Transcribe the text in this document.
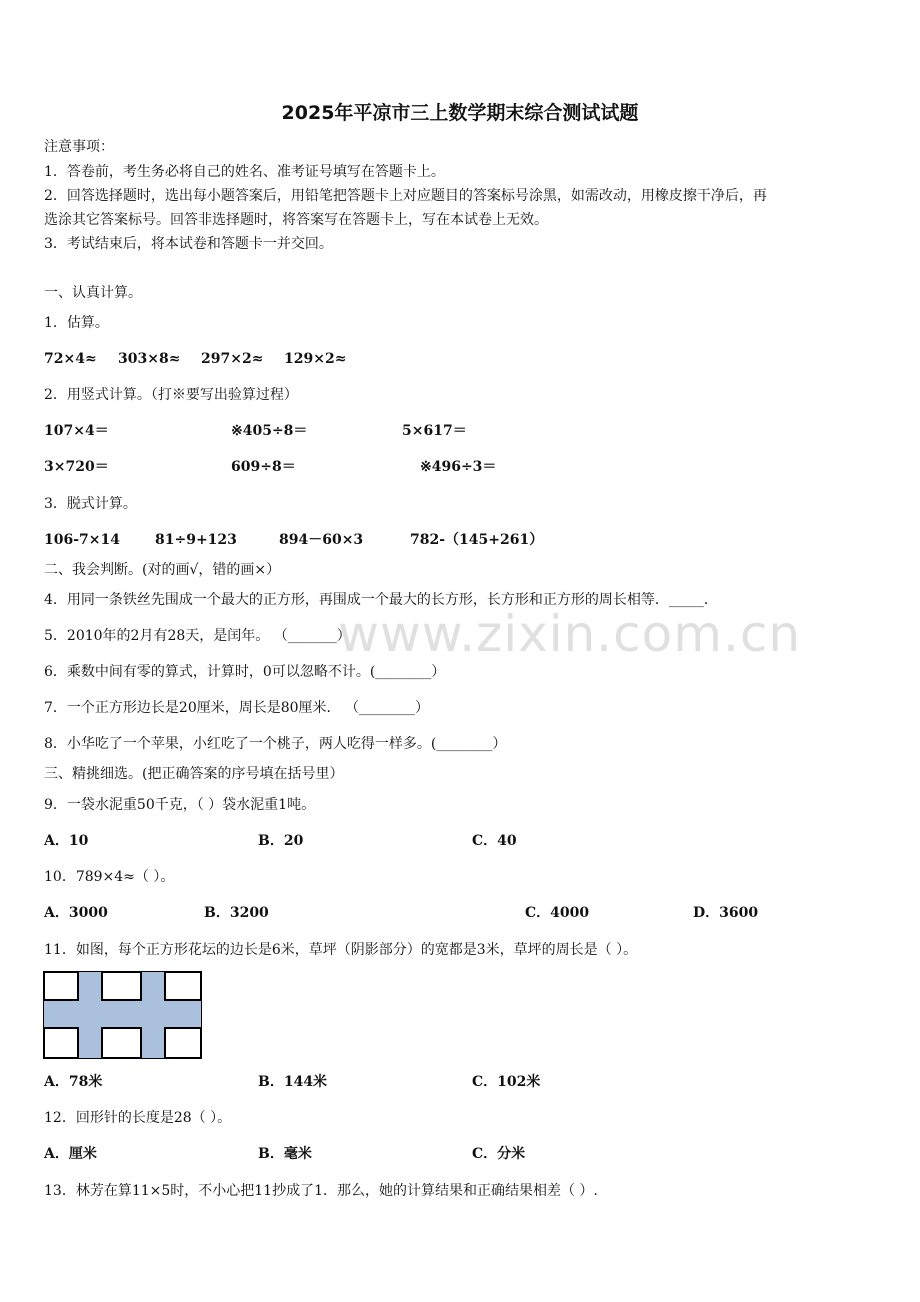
2025年平凉市三上数学期末综合测试试题
注意事项：
1．答卷前，考生务必将自己的姓名、准考证号填写在答题卡上。
2．回答选择题时，选出每小题答案后，用铅笔把答题卡上对应题目的答案标号涂黑，如需改动，用橡皮擦干净后，再
选涂其它答案标号。回答非选择题时，将答案写在答题卡上，写在本试卷上无效。
3．考试结束后，将本试卷和答题卡一并交回。
一、认真计算。
1．估算。
72×4≈ 303×8≈ 297×2≈ 129×2≈
2．用竖式计算。（打※要写出验算过程）
107×4＝	※405÷8＝	5×617＝
3×720＝	609÷8＝	※496÷3＝
3．脱式计算。
106-7×14	81÷9+123	894－60×3	782-（145+261）
二、我会判断。(对的画√，错的画×）
4．用同一条铁丝先围成一个最大的正方形，再围成一个最大的长方形，长方形和正方形的周长相等．_____．
5．2010年的2月有28天，是闰年。 （_______）
6．乘数中间有零的算式，计算时，0可以忽略不计。(________）
7．一个正方形边长是20厘米，周长是80厘米． （________）
8．小华吃了一个苹果，小红吃了一个桃子，两人吃得一样多。(________）
三、精挑细选。(把正确答案的序号填在括号里）
9．一袋水泥重50千克，（ ）袋水泥重1吨。
A．10	B．20	C．40
10．789×4≈（ ）。
A．3000	B．3200	C．4000	D．3600
11．如图，每个正方形花坛的边长是6米，草坪（阴影部分）的宽都是3米，草坪的周长是（ ）。
A．78米	B．144米	C．102米
12．回形针的长度是28（ ）。
A．厘米	B．毫米	C．分米
13．林芳在算11×5时，不小心把11抄成了1．那么，她的计算结果和正确结果相差（ ）.
www.zixin.com.cn
